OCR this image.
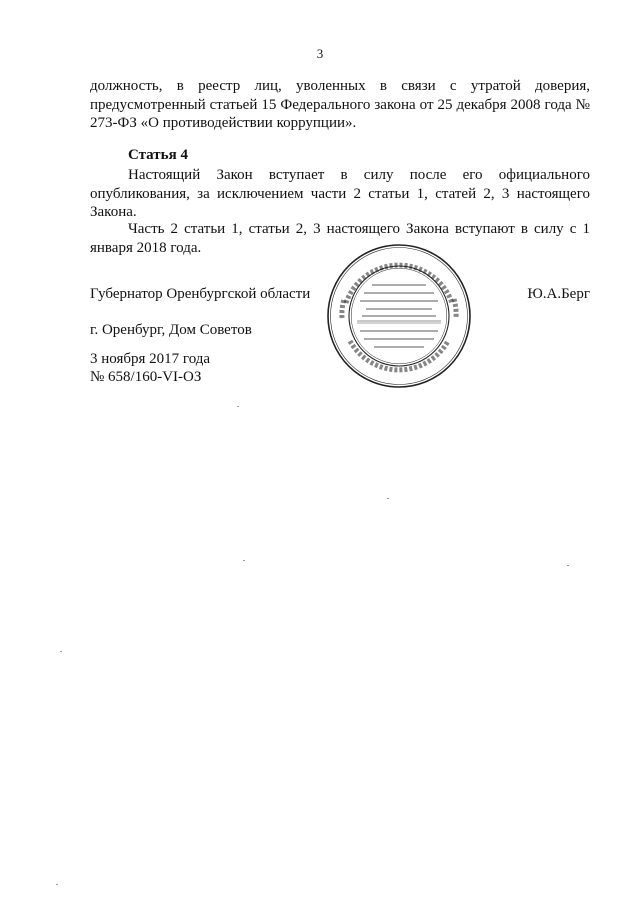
3
должность, в реестр лиц, уволенных в связи с утратой доверия, предусмотренный статьей 15 Федерального закона от 25 декабря 2008 года № 273-ФЗ «О противодействии коррупции».
Статья 4
Настоящий Закон вступает в силу после его официального опубликования, за исключением части 2 статьи 1, статей 2, 3 настоящего Закона.
Часть 2 статьи 1, статьи 2, 3 настоящего Закона вступают в силу с 1 января 2018 года.
Губернатор Оренбургской области	Ю.А.Берг
г. Оренбург, Дом Советов
3 ноября 2017 года
№ 658/160-VI-ОЗ
